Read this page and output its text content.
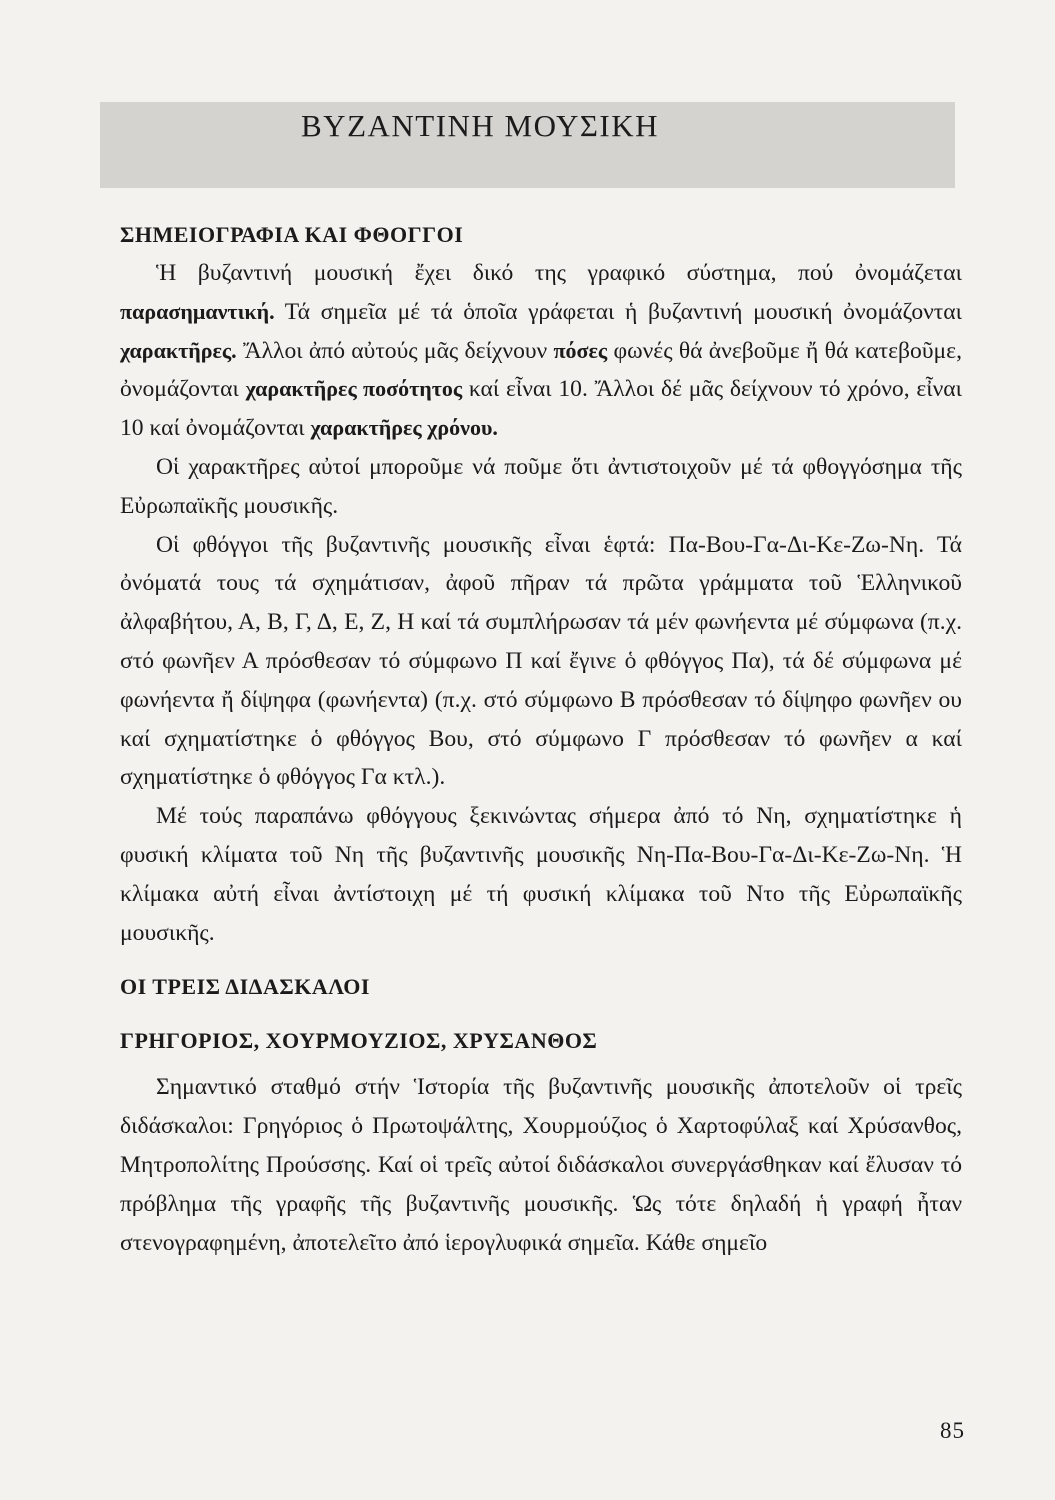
ΒΥΖΑΝΤΙΝΗ ΜΟΥΣΙΚΗ
ΣΗΜΕΙΟΓΡΑΦΙΑ ΚΑΙ ΦΘΟΓΓΟΙ

Ἡ βυζαντινή μουσική ἔχει δικό της γραφικό σύστημα, πού ὀνομάζεται παρασημαντική. Τά σημεῖα μέ τά ὁποῖα γράφεται ἡ βυζαντινή μουσική ὀνομάζονται χαρακτῆρες. Ἄλλοι ἀπό αὐτούς μᾶς δείχνουν πόσες φωνές θά ἀνεβοῦμε ἤ θά κατεβοῦμε, ὀνομάζονται χαρακτῆρες ποσότητος καί εἶναι 10. Ἄλλοι δέ μᾶς δείχνουν τό χρόνο, εἶναι 10 καί ὀνομάζονται χαρακτῆρες χρόνου.

Οἱ χαρακτῆρες αὐτοί μποροῦμε νά ποῦμε ὅτι ἀντιστοιχοῦν μέ τά φθογγόσημα τῆς Εὐρωπαϊκῆς μουσικῆς.

Οἱ φθόγγοι τῆς βυζαντινῆς μουσικῆς εἶναι ἑφτά: Πα-Βου-Γα-Δι-Κε-Ζω-Νη. Τά ὀνόματά τους τά σχημάτισαν, ἀφοῦ πῆραν τά πρῶτα γράμματα τοῦ Ἑλληνικοῦ ἀλφαβήτου, Α, Β, Γ, Δ, Ε, Ζ, Η καί τά συμπλήρωσαν τά μέν φωνήεντα μέ σύμφωνα (π.χ. στό φωνῆεν Α πρόσθεσαν τό σύμφωνο Π καί ἔγινε ὁ φθόγγος Πα), τά δέ σύμφωνα μέ φωνήεντα ἤ δίψηφα (φωνήεντα) (π.χ. στό σύμφωνο Β πρόσθεσαν τό δίψηφο φωνῆεν ου καί σχηματίστηκε ὁ φθόγγος Βου, στό σύμφωνο Γ πρόσθεσαν τό φωνῆεν α καί σχηματίστηκε ὁ φθόγγος Γα κτλ.).

Μέ τούς παραπάνω φθόγγους ξεκινώντας σήμερα ἀπό τό Νη, σχηματίστηκε ἡ φυσική κλίματα τοῦ Νη τῆς βυζαντινῆς μουσικῆς Νη-Πα-Βου-Γα-Δι-Κε-Ζω-Νη. Ἡ κλίμακα αὐτή εἶναι ἀντίστοιχη μέ τή φυσική κλίμακα τοῦ Ντο τῆς Εὐρωπαϊκῆς μουσικῆς.

ΟΙ ΤΡΕΙΣ ΔΙΔΑΣΚΑΛΟΙ
ΓΡΗΓΟΡΙΟΣ, ΧΟΥΡΜΟΥΖΙΟΣ, ΧΡΥΣΑΝΘΟΣ

Σημαντικό σταθμό στήν Ἱστορία τῆς βυζαντινῆς μουσικῆς ἀποτελοῦν οἱ τρεῖς διδάσκαλοι: Γρηγόριος ὁ Πρωτοψάλτης, Χουρμούζιος ὁ Χαρτοφύλαξ καί Χρύσανθος, Μητροπολίτης Προύσσης. Καί οἱ τρεῖς αὐτοί διδάσκαλοι συνεργάσθηκαν καί ἔλυσαν τό πρόβλημα τῆς γραφῆς τῆς βυζαντινῆς μουσικῆς. Ὡς τότε δηλαδή ἡ γραφή ἦταν στενογραφημένη, ἀποτελεῖτο ἀπό ἱερογλυφικά σημεῖα. Κάθε σημεῖο

85
